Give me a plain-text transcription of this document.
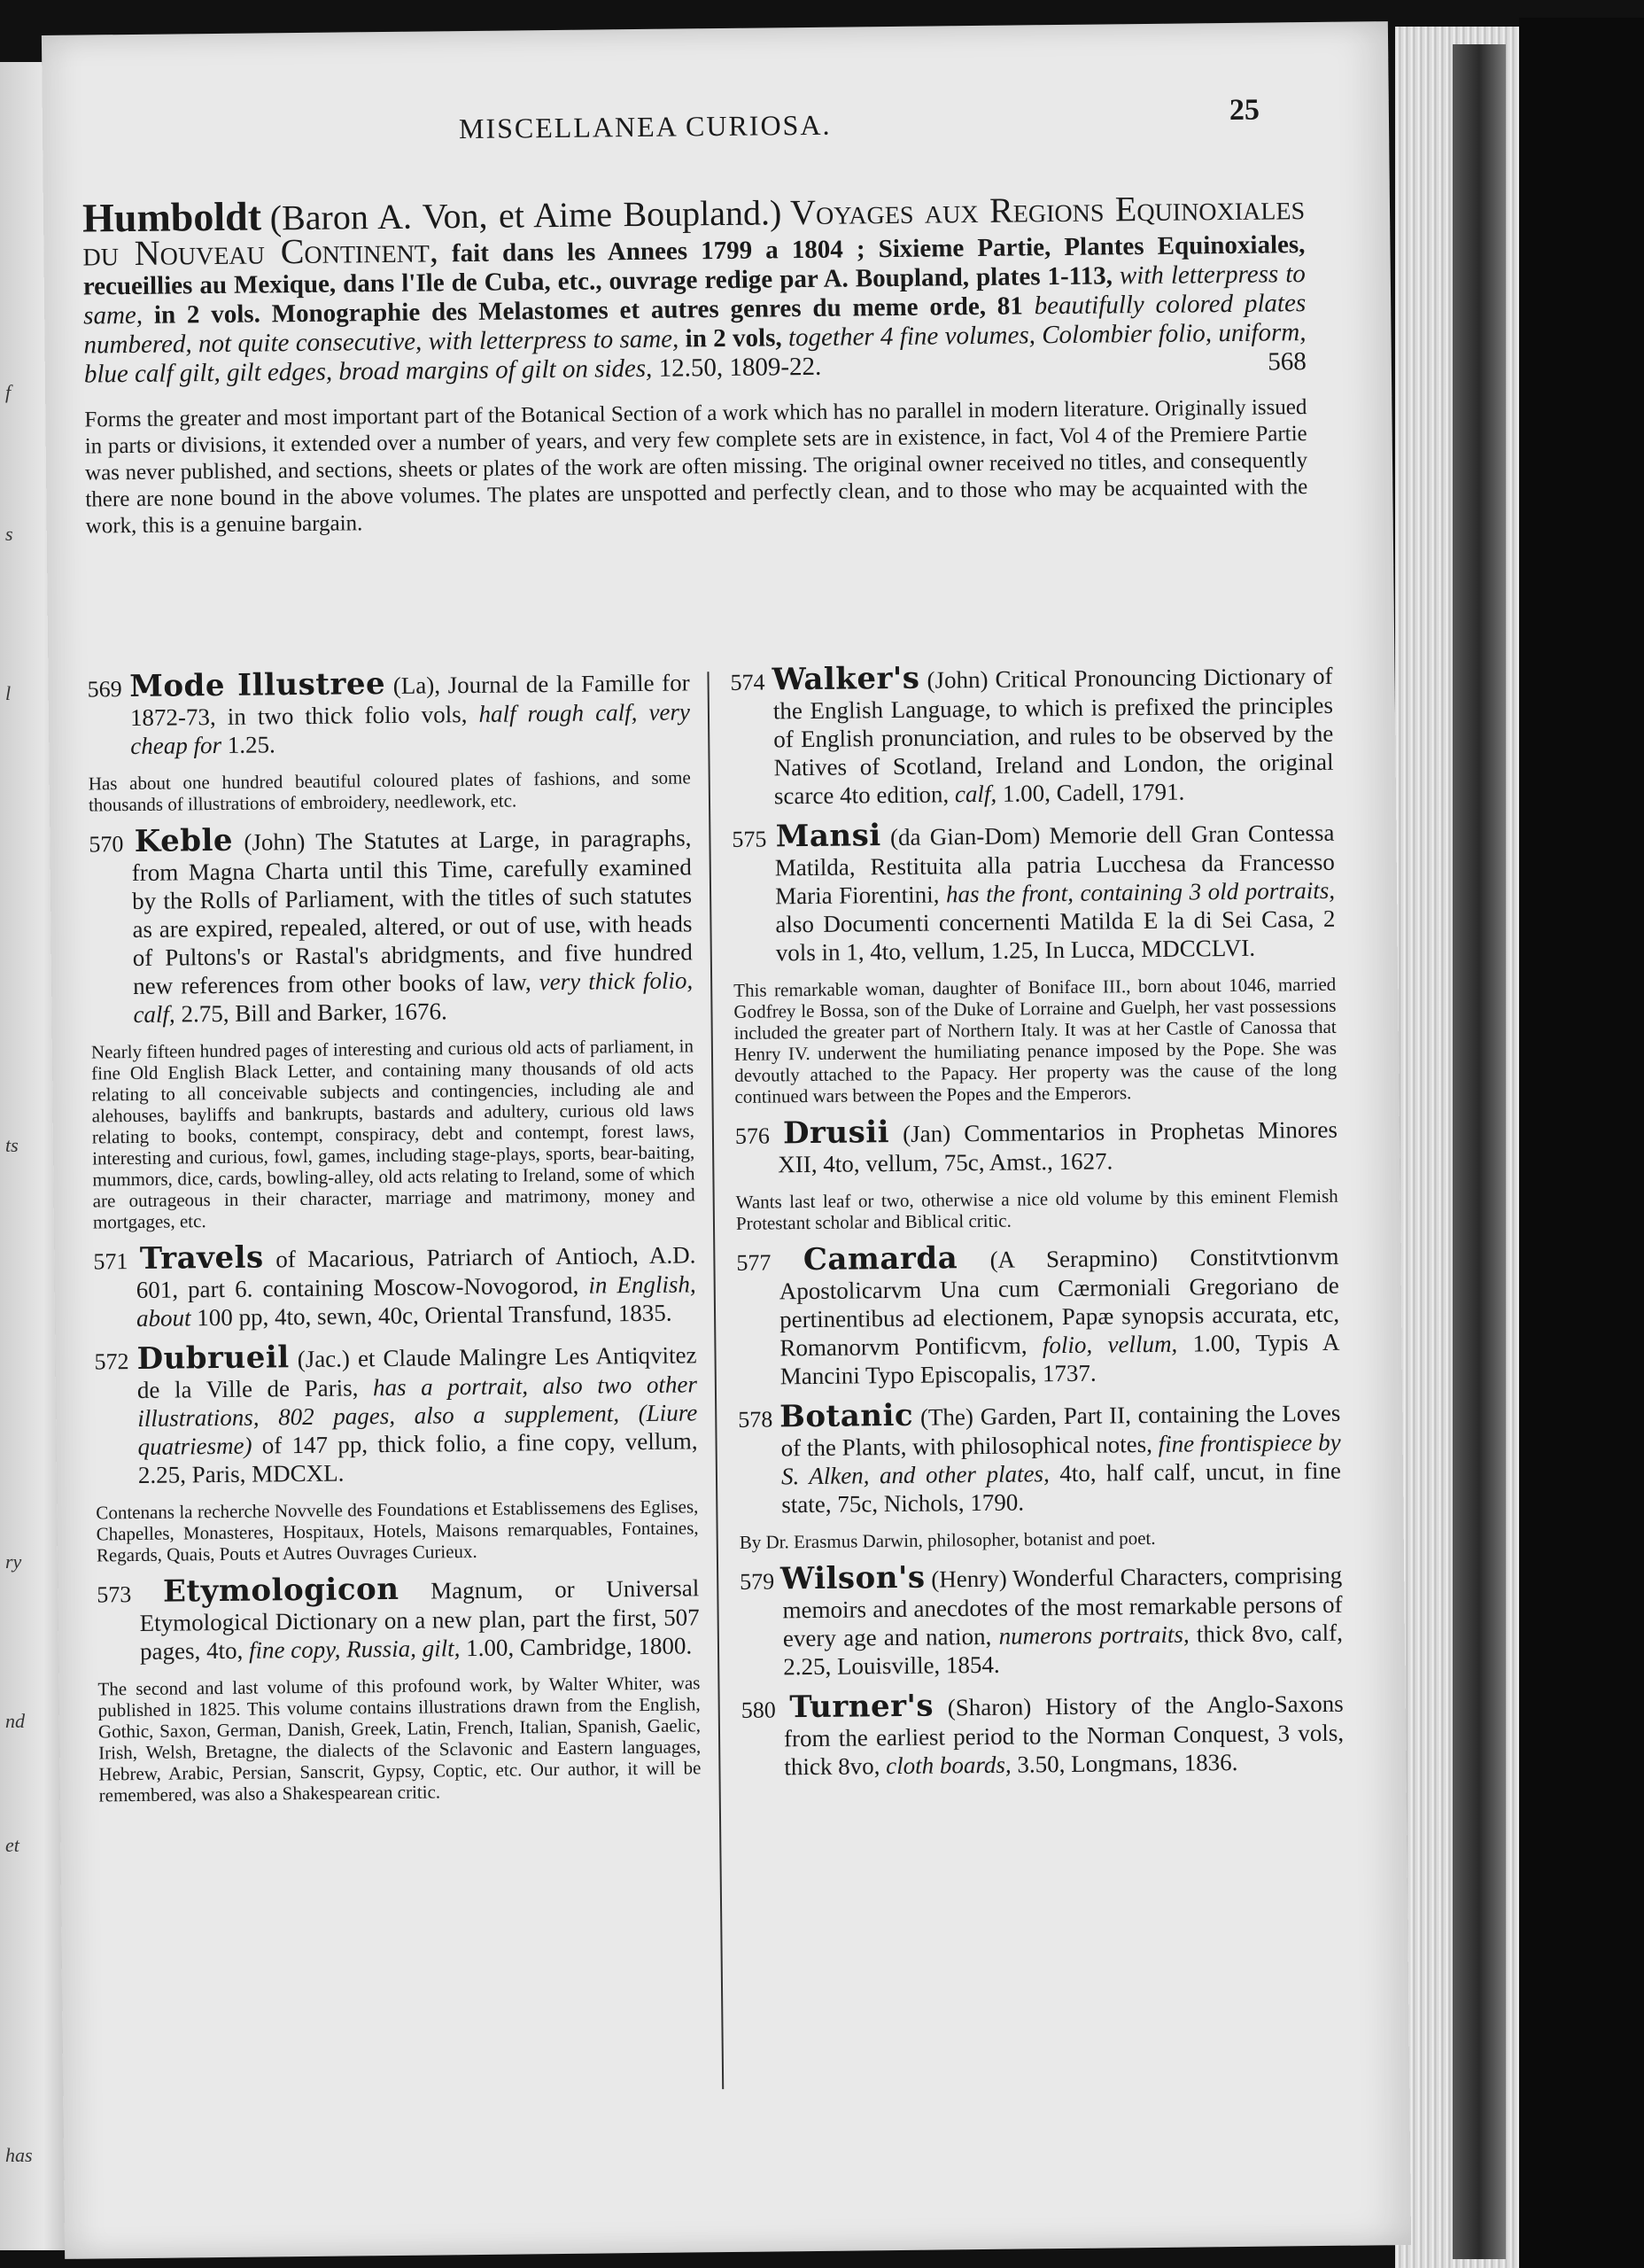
f
s
l
ts
ry
nd
et
has
MISCELLANEA CURIOSA.	25
Humboldt (Baron A. Von, et Aime Boupland.) Voyages aux Regions Equinoxiales du Nouveau Continent, fait dans les Annees 1799 a 1804 ; Sixieme Partie, Plantes Equinoxiales, recueillies au Mexique, dans l'Ile de Cuba, etc., ouvrage redige par A. Boupland, plates 1-113, with letterpress to same, in 2 vols. Monographie des Melastomes et autres genres du meme orde, 81 beautifully colored plates numbered, not quite consecutive, with letterpress to same, in 2 vols, together 4 fine volumes, Colombier folio, uniform, blue calf gilt, gilt edges, broad margins of gilt on sides, 12.50, 1809-22.	568
Forms the greater and most important part of the Botanical Section of a work which has no parallel in modern literature. Originally issued in parts or divisions, it extended over a number of years, and very few complete sets are in existence, in fact, Vol 4 of the Premiere Partie was never published, and sections, sheets or plates of the work are often missing. The original owner received no titles, and consequently there are none bound in the above volumes. The plates are unspotted and perfectly clean, and to those who may be acquainted with the work, this is a genuine bargain.
569 Mode Illustree (La), Journal de la Famille for 1872-73, in two thick folio vols, half rough calf, very cheap for 1.25.
Has about one hundred beautiful coloured plates of fashions, and some thousands of illustrations of embroidery, needlework, etc.
570 Keble (John) The Statutes at Large, in paragraphs, from Magna Charta until this Time, carefully examined by the Rolls of Parliament, with the titles of such statutes as are expired, repealed, altered, or out of use, with heads of Pultons's or Rastal's abridgments, and five hundred new references from other books of law, very thick folio, calf, 2.75, Bill and Barker, 1676.
Nearly fifteen hundred pages of interesting and curious old acts of parliament, in fine Old English Black Letter, and containing many thousands of old acts relating to all conceivable subjects and contingencies, including ale and alehouses, bayliffs and bankrupts, bastards and adultery, curious old laws relating to books, contempt, conspiracy, debt and contempt, forest laws, interesting and curious, fowl, games, including stage-plays, sports, bear-baiting, mummors, dice, cards, bowling-alley, old acts relating to Ireland, some of which are outrageous in their character, marriage and matrimony, money and mortgages, etc.
571 Travels of Macarious, Patriarch of Antioch, A.D. 601, part 6. containing Moscow-Novogorod, in English, about 100 pp, 4to, sewn, 40c, Oriental Transfund, 1835.
572 Dubrueil (Jac.) et Claude Malingre Les Antiqvitez de la Ville de Paris, has a portrait, also two other illustrations, 802 pages, also a supplement, (Liure quatriesme) of 147 pp, thick folio, a fine copy, vellum, 2.25, Paris, MDCXL.
Contenans la recherche Novvelle des Foundations et Establissemens des Eglises, Chapelles, Monasteres, Hospitaux, Hotels, Maisons remarquables, Fontaines, Regards, Quais, Pouts et Autres Ouvrages Curieux.
573 Etymologicon Magnum, or Universal Etymological Dictionary on a new plan, part the first, 507 pages, 4to, fine copy, Russia, gilt, 1.00, Cambridge, 1800.
The second and last volume of this profound work, by Walter Whiter, was published in 1825. This volume contains illustrations drawn from the English, Gothic, Saxon, German, Danish, Greek, Latin, French, Italian, Spanish, Gaelic, Irish, Welsh, Bretagne, the dialects of the Sclavonic and Eastern languages, Hebrew, Arabic, Persian, Sanscrit, Gypsy, Coptic, etc. Our author, it will be remembered, was also a Shakespearean critic.
574 Walker's (John) Critical Pronouncing Dictionary of the English Language, to which is prefixed the principles of English pronunciation, and rules to be observed by the Natives of Scotland, Ireland and London, the original scarce 4to edition, calf, 1.00, Cadell, 1791.
575 Mansi (da Gian-Dom) Memorie dell Gran Contessa Matilda, Restituita alla patria Lucchesa da Francesso Maria Fiorentini, has the front, containing 3 old portraits, also Documenti concernenti Matilda E la di Sei Casa, 2 vols in 1, 4to, vellum, 1.25, In Lucca, MDCCLVI.
This remarkable woman, daughter of Boniface III., born about 1046, married Godfrey le Bossa, son of the Duke of Lorraine and Guelph, her vast possessions included the greater part of Northern Italy. It was at her Castle of Canossa that Henry IV. underwent the humiliating penance imposed by the Pope. She was devoutly attached to the Papacy. Her property was the cause of the long continued wars between the Popes and the Emperors.
576 Drusii (Jan) Commentarios in Prophetas Minores XII, 4to, vellum, 75c, Amst., 1627.
Wants last leaf or two, otherwise a nice old volume by this eminent Flemish Protestant scholar and Biblical critic.
577 Camarda (A Serapmino) Constitvtionvm Apostolicarvm Una cum Cærmoniali Gregoriano de pertinentibus ad electionem, Papæ synopsis accurata, etc, Romanorvm Pontificvm, folio, vellum, 1.00, Typis A Mancini Typo Episcopalis, 1737.
578 Botanic (The) Garden, Part II, containing the Loves of the Plants, with philosophical notes, fine frontispiece by S. Alken, and other plates, 4to, half calf, uncut, in fine state, 75c, Nichols, 1790.
By Dr. Erasmus Darwin, philosopher, botanist and poet.
579 Wilson's (Henry) Wonderful Characters, comprising memoirs and anecdotes of the most remarkable persons of every age and nation, numerons portraits, thick 8vo, calf, 2.25, Louisville, 1854.
580 Turner's (Sharon) History of the Anglo-Saxons from the earliest period to the Norman Conquest, 3 vols, thick 8vo, cloth boards, 3.50, Longmans, 1836.
